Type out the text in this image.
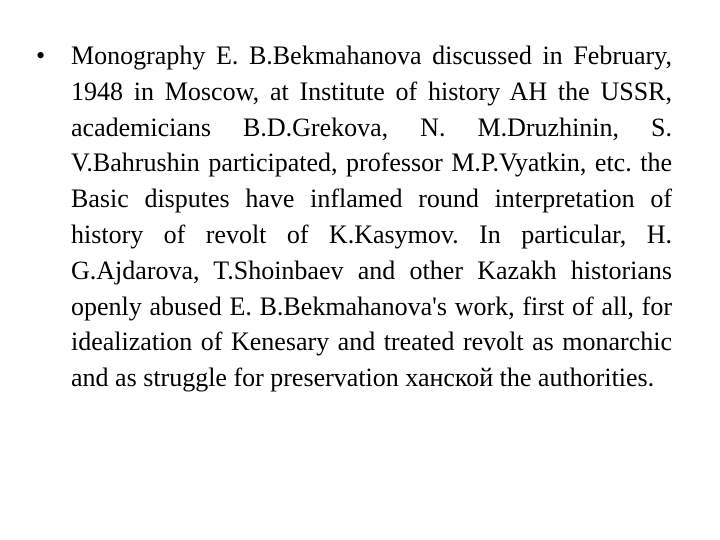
• Monography E. B.Bekmahanova discussed in February, 1948 in Moscow, at Institute of history AH the USSR, academicians B.D.Grekova, N. M.Druzhinin, S. V.Bahrushin participated, professor M.P.Vyatkin, etc. the Basic disputes have inflamed round interpretation of history of revolt of K.Kasymov. In particular, H. G.Ajdarova, T.Shoinbaev and other Kazakh historians openly abused E. B.Bekmahanova's work, first of all, for idealization of Kenesary and treated revolt as monarchic and as struggle for preservation ханской the authorities.
